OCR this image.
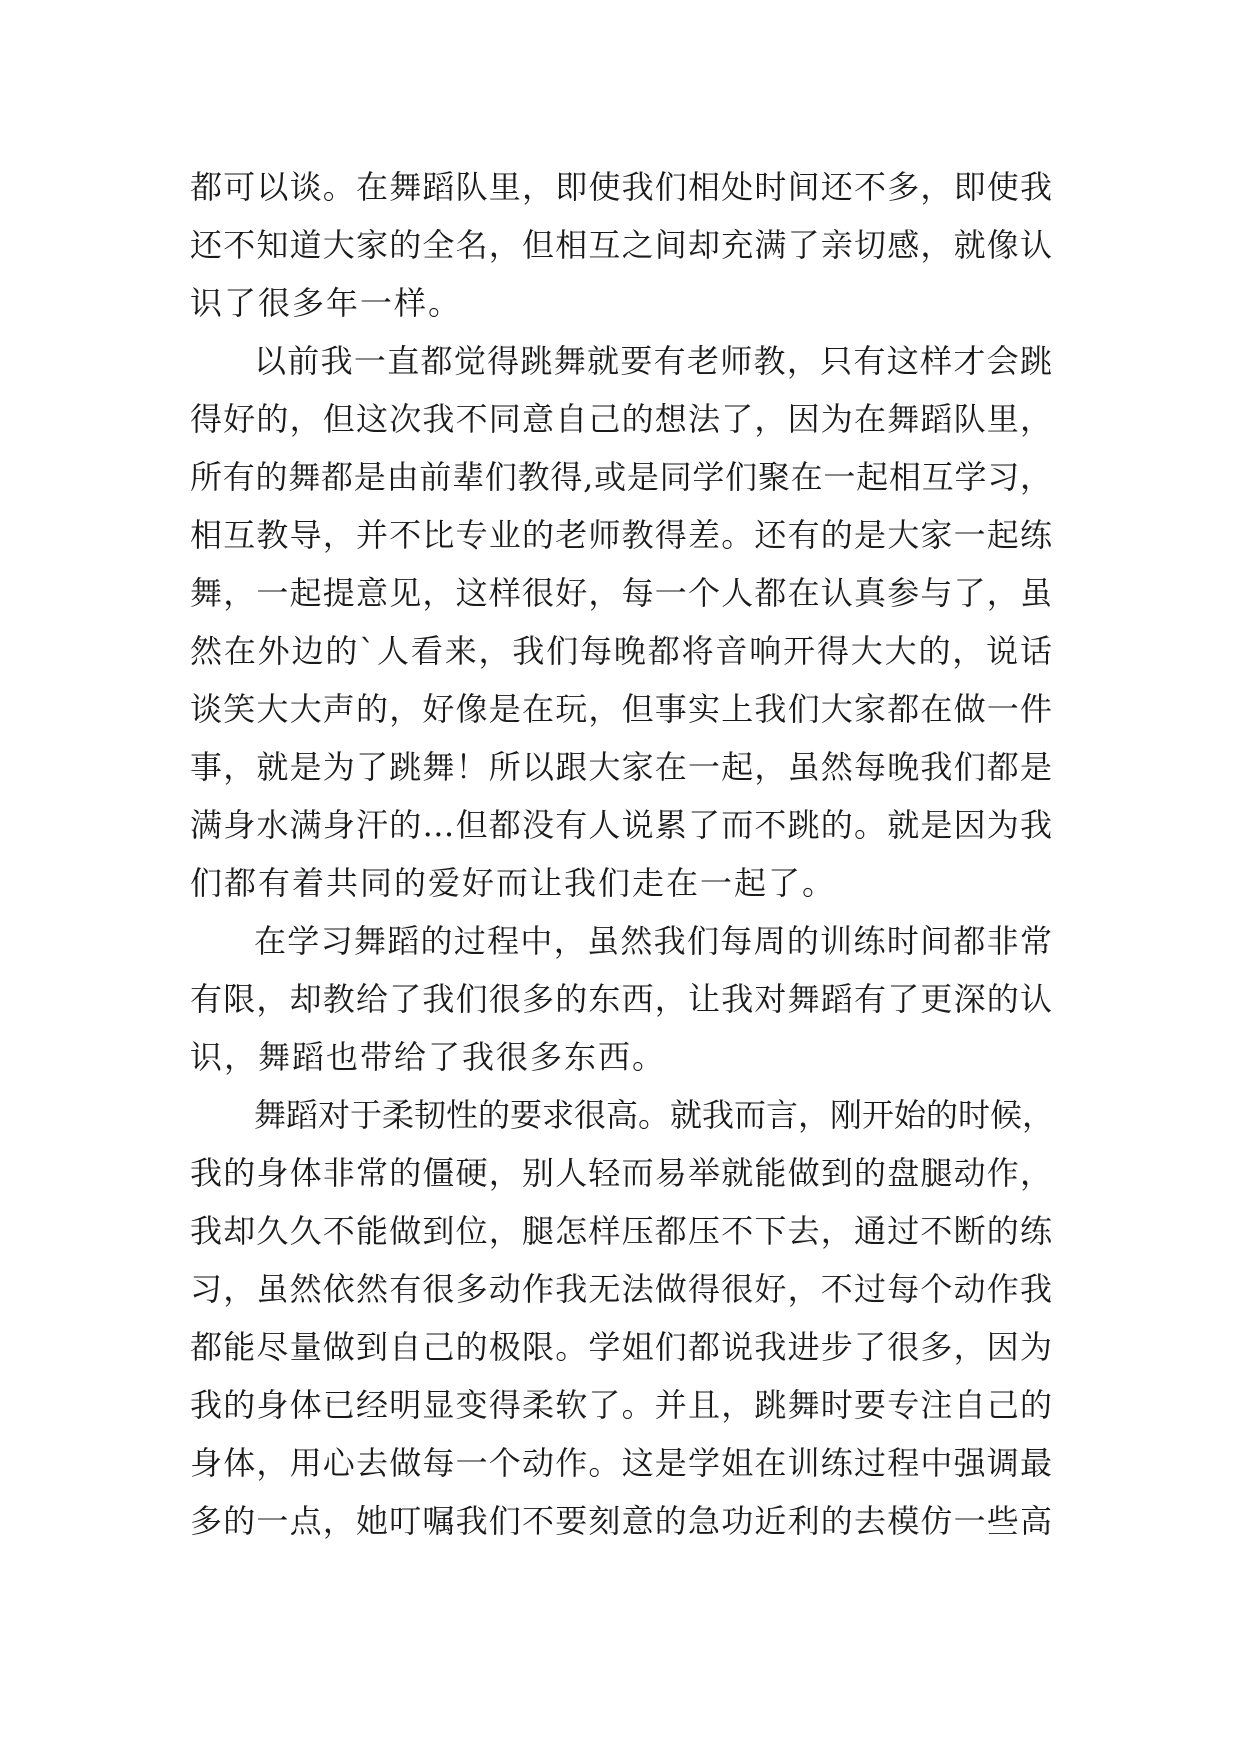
都可以谈。在舞蹈队里，即使我们相处时间还不多，即使我
还不知道大家的全名，但相互之间却充满了亲切感，就像认
识了很多年一样。
以前我一直都觉得跳舞就要有老师教，只有这样才会跳
得好的，但这次我不同意自己的想法了，因为在舞蹈队里，
所有的舞都是由前辈们教得,或是同学们聚在一起相互学习，
相互教导，并不比专业的老师教得差。还有的是大家一起练
舞，一起提意见，这样很好，每一个人都在认真参与了，虽
然在外边的`人看来，我们每晚都将音响开得大大的，说话
谈笑大大声的，好像是在玩，但事实上我们大家都在做一件
事，就是为了跳舞！所以跟大家在一起，虽然每晚我们都是
满身水满身汗的…但都没有人说累了而不跳的。就是因为我
们都有着共同的爱好而让我们走在一起了。
在学习舞蹈的过程中，虽然我们每周的训练时间都非常
有限，却教给了我们很多的东西，让我对舞蹈有了更深的认
识，舞蹈也带给了我很多东西。
舞蹈对于柔韧性的要求很高。就我而言，刚开始的时候，
我的身体非常的僵硬，别人轻而易举就能做到的盘腿动作，
我却久久不能做到位，腿怎样压都压不下去，通过不断的练
习，虽然依然有很多动作我无法做得很好，不过每个动作我
都能尽量做到自己的极限。学姐们都说我进步了很多，因为
我的身体已经明显变得柔软了。并且，跳舞时要专注自己的
身体，用心去做每一个动作。这是学姐在训练过程中强调最
多的一点，她叮嘱我们不要刻意的急功近利的去模仿一些高
